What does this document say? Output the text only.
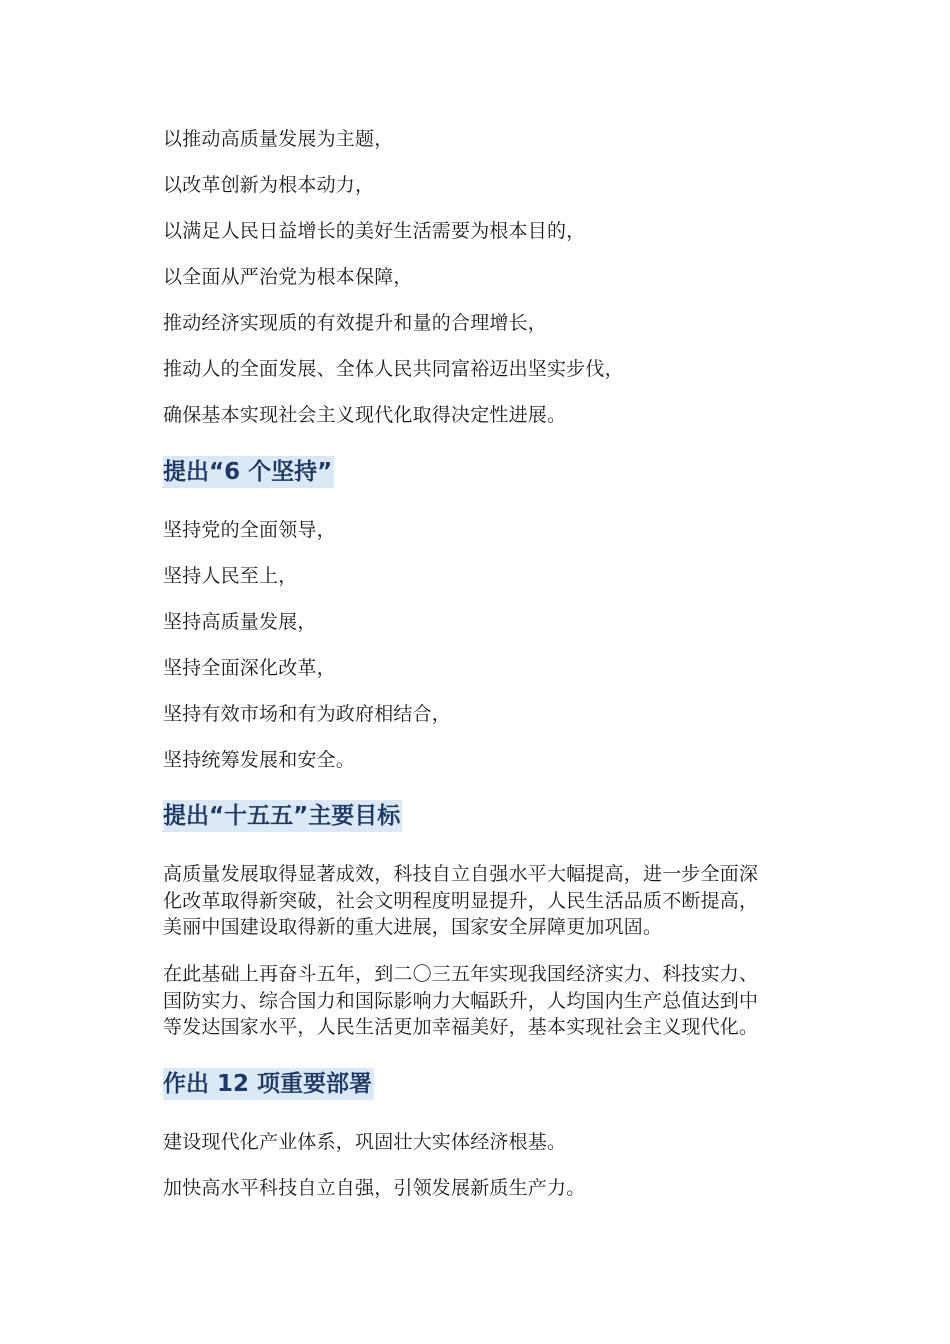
以推动高质量发展为主题，
以改革创新为根本动力，
以满足人民日益增长的美好生活需要为根本目的，
以全面从严治党为根本保障，
推动经济实现质的有效提升和量的合理增长，
推动人的全面发展、全体人民共同富裕迈出坚实步伐，
确保基本实现社会主义现代化取得决定性进展。
提出“6 个坚持”
坚持党的全面领导，
坚持人民至上，
坚持高质量发展，
坚持全面深化改革，
坚持有效市场和有为政府相结合，
坚持统筹发展和安全。
提出“十五五”主要目标
高质量发展取得显著成效，科技自立自强水平大幅提高，进一步全面深
化改革取得新突破，社会文明程度明显提升，人民生活品质不断提高，
美丽中国建设取得新的重大进展，国家安全屏障更加巩固。
在此基础上再奋斗五年，到二〇三五年实现我国经济实力、科技实力、
国防实力、综合国力和国际影响力大幅跃升，人均国内生产总值达到中
等发达国家水平，人民生活更加幸福美好，基本实现社会主义现代化。
作出 12 项重要部署
建设现代化产业体系，巩固壮大实体经济根基。
加快高水平科技自立自强，引领发展新质生产力。
